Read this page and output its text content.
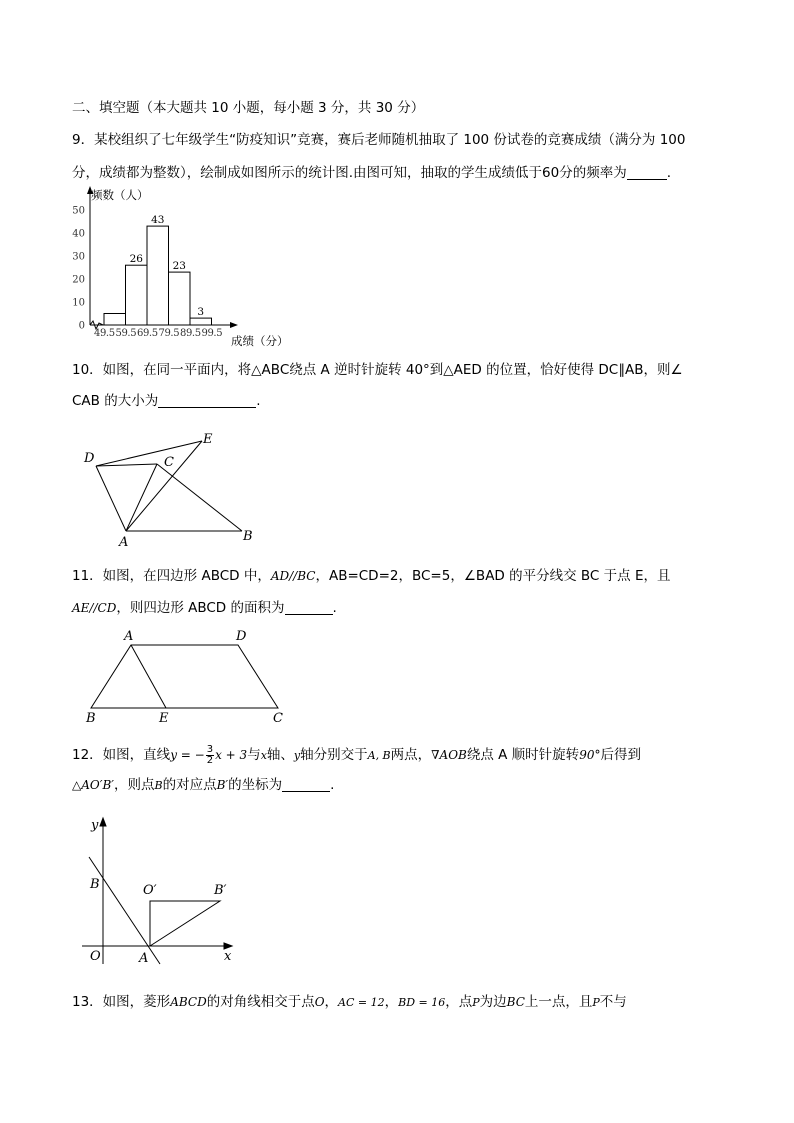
二、填空题（本大题共 10 小题，每小题 3 分，共 30 分）
9．某校组织了七年级学生“防疫知识”竞赛，赛后老师随机抽取了 100 份试卷的竞赛成绩（满分为 100
分，成绩都为整数），绘制成如图所示的统计图.由图可知，抽取的学生成绩低于60分的频率为	.
50
40
30
20
10
0
频数（人）
26
43
23
3
49.5 59.5 69.5 79.5 89.5 99.5
成绩（分）
10．如图，在同一平面内，将△ABC绕点 A 逆时针旋转 40°到△AED 的位置，恰好使得 DC∥AB，则∠
CAB 的大小为	.
D
E
C
A	B
11．如图，在四边形 ABCD 中，AD//BC，AB=CD=2，BC=5，∠BAD 的平分线交 BC 于点 E，且
AE//CD，则四边形 ABCD 的面积为	.
A	D
B	E	C
12．如图，直线y = − $\frac{3}{2}$ x + 3与x轴、y轴分别交于A, B两点，∇AOB绕点 A 顺时针旋转90°后得到
△AO′B′，则点B的对应点B′的坐标为	.
y
B	O′	B′
O	A	x
13．如图，菱形ABCD的对角线相交于点O，AC = 12，BD = 16，点P为边BC上一点，且P不与
